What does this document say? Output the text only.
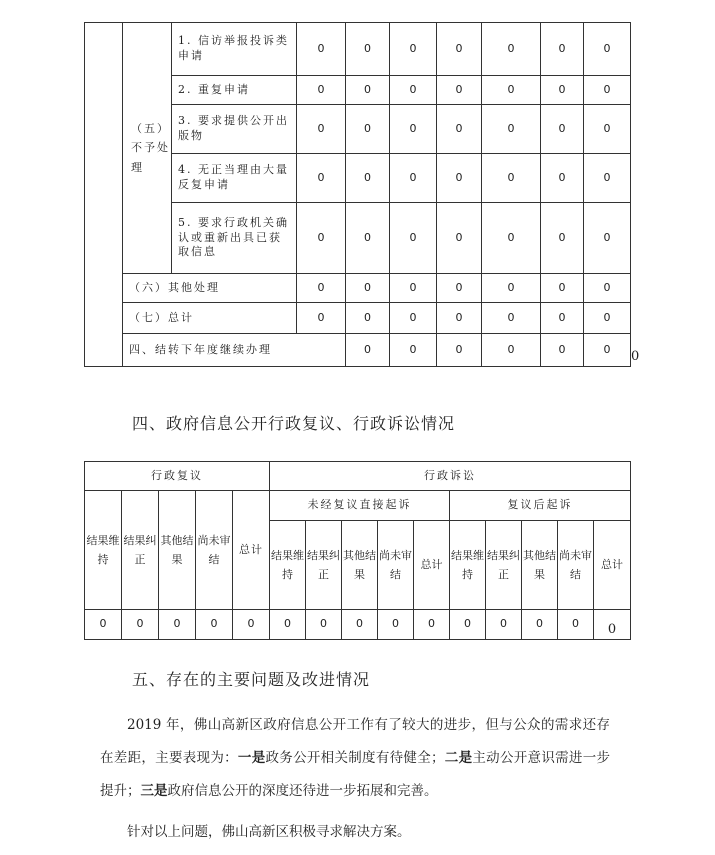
	（五）不予处理	1. 信访举报投诉类申请	0	0	0	0	0	0	0	
		2. 重复申请	0	0	0	0	0	0	0	
		3. 要求提供公开出版物	0	0	0	0	0	0	0	
		4. 无正当理由大量反复申请	0	0	0	0	0	0	0	
		5. 要求行政机关确认或重新出具已获取信息	0	0	0	0	0	0	0	
	（六）其他处理		0	0	0	0	0	0	0	
	（七）总计		0	0	0	0	0	0	0	
	四、结转下年度继续办理			0	0	0	0	0	0	0
四、政府信息公开行政复议、行政诉讼情况
行政复议					行政诉讼									
结果维持	结果纠正	其他结果	尚未审结	总计	未经复议直接起诉					复议后起诉				
					结果维持	结果纠正	其他结果	尚未审结	总计	结果维持	结果纠正	其他结果	尚未审结	总计
0	0	0	0	0	0	0	0	0	0	0	0	0	0	0
五、存在的主要问题及改进情况

2019 年，佛山高新区政府信息公开工作有了较大的进步，但与公众的需求还存在差距，主要表现为：一是政务公开相关制度有待健全；二是主动公开意识需进一步提升；三是政府信息公开的深度还待进一步拓展和完善。

针对以上问题，佛山高新区积极寻求解决方案。
